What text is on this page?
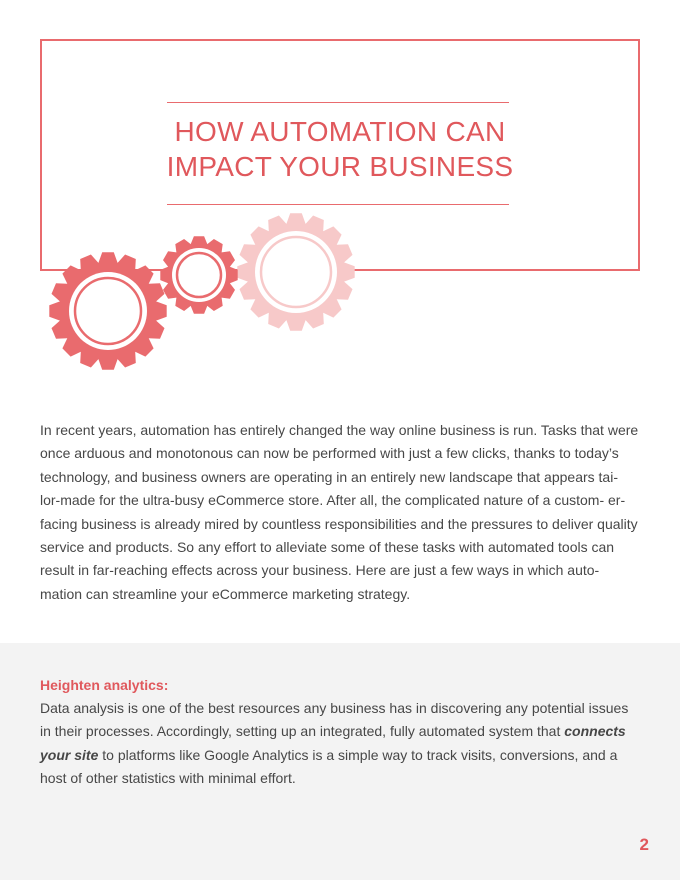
HOW AUTOMATION CAN
IMPACT YOUR BUSINESS

In recent years, automation has entirely changed the way online business is run. Tasks that were once arduous and monotonous can now be performed with just a few clicks, thanks to today’s technology, and business owners are operating in an entirely new landscape that appears tai- lor-made for the ultra-busy eCommerce store. After all, the complicated nature of a custom- er-facing business is already mired by countless responsibilities and the pressures to deliver quality service and products. So any effort to alleviate some of these tasks with automated tools can result in far-reaching effects across your business. Here are just a few ways in which auto- mation can streamline your eCommerce marketing strategy.

Heighten analytics:

Data analysis is one of the best resources any business has in discovering any potential issues in their processes. Accordingly, setting up an integrated, fully automated system that connects your site to platforms like Google Analytics is a simple way to track visits, conversions, and a host of other statistics with minimal effort.

2
